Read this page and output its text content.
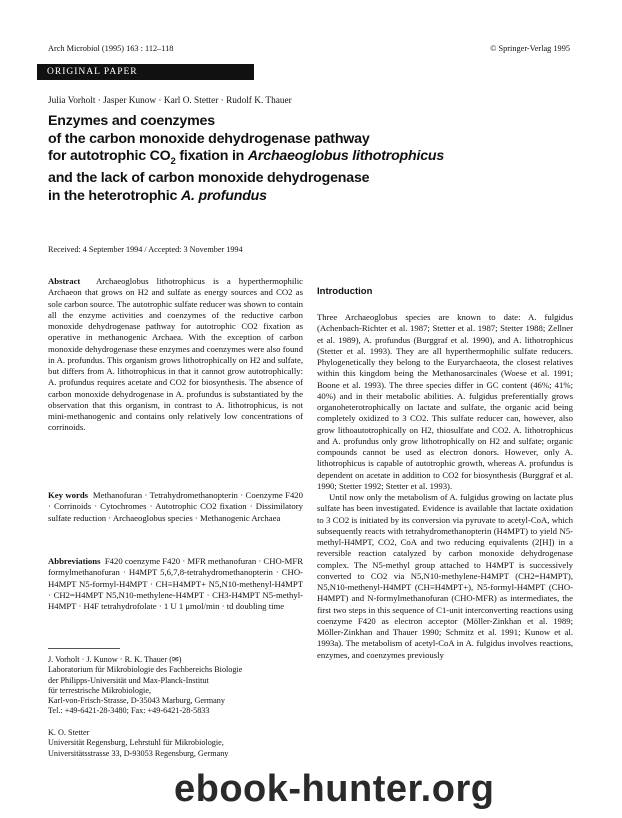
Arch Microbiol (1995) 163 : 112–118	© Springer-Verlag 1995
ORIGINAL PAPER
Julia Vorholt · Jasper Kunow · Karl O. Stetter · Rudolf K. Thauer
Enzymes and coenzymes
of the carbon monoxide dehydrogenase pathway
for autotrophic $CO_2$ fixation in Archaeoglobus lithotrophicus
and the lack of carbon monoxide dehydrogenase
in the heterotrophic A. profundus
Received: 4 September 1994 / Accepted: 3 November 1994
Abstract Archaeoglobus lithotrophicus is a hyperthermophilic Archaeon that grows on H2 and sulfate as energy sources and CO2 as sole carbon source. The autotrophic sulfate reducer was shown to contain all the enzyme activities and coenzymes of the reductive carbon monoxide dehydrogenase pathway for autotrophic CO2 fixation as operative in methanogenic Archaea. With the exception of carbon monoxide dehydrogenase these enzymes and coenzymes were also found in A. profundus. This organism grows lithotrophically on H2 and sulfate, but differs from A. lithotrophicus in that it cannot grow autotrophically: A. profundus requires acetate and CO2 for biosynthesis. The absence of carbon monoxide dehydrogenase in A. profundus is substantiated by the observation that this organism, in contrast to A. lithotrophicus, is not mini-methanogenic and contains only relatively low concentrations of corrinoids.
Key words Methanofuran · Tetrahydromethanopterin · Coenzyme F420 · Corrinoids · Cytochromes · Autotrophic CO2 fixation · Dissimilatory sulfate reduction · Archaeoglobus species · Methanogenic Archaea
Abbreviations F420 coenzyme F420 · MFR methanofuran · CHO-MFR formylmethanofuran · H4MPT 5,6,7,8-tetrahydromethanopterin · CHO-H4MPT N5-formyl-H4MPT · CH≡H4MPT+ N5,N10-methenyl-H4MPT · CH2=H4MPT N5,N10-methylene-H4MPT · CH3-H4MPT N5-methyl-H4MPT · H4F tetrahydrofolate · 1 U 1 μmol/min · td doubling time
J. Vorholt · J. Kunow · R. K. Thauer (✉)
Laboratorium für Mikrobiologie des Fachbereichs Biologie
der Philipps-Universität und Max-Planck-Institut
für terrestrische Mikrobiologie,
Karl-von-Frisch-Strasse, D-35043 Marburg, Germany
Tel.: +49-6421-28-3480; Fax: +49-6421-28-5833
K. O. Stetter
Universität Regensburg, Lehrstuhl für Mikrobiologie,
Universitätsstrasse 33, D-93053 Regensburg, Germany
Introduction

Three Archaeoglobus species are known to date: A. fulgidus (Achenbach-Richter et al. 1987; Stetter et al. 1987; Stetter 1988; Zellner et al. 1989), A. profundus (Burggraf et al. 1990), and A. lithotrophicus (Stetter et al. 1993). They are all hyperthermophilic sulfate reducers. Phylogenetically they belong to the Euryarchaeota, the closest relatives within this kingdom being the Methanosarcinales (Woese et al. 1991; Boone et al. 1993). The three species differ in GC content (46%; 41%; 40%) and in their metabolic abilities. A. fulgidus preferentially grows organoheterotrophically on lactate and sulfate, the organic acid being completely oxidized to 3 CO2. This sulfate reducer can, however, also grow lithoautotrophically on H2, thiosulfate and CO2. A. lithotrophicus and A. profundus only grow lithotrophically on H2 and sulfate; organic compounds cannot be used as electron donors. However, only A. lithotrophicus is capable of autotrophic growth, whereas A. profundus is dependent on acetate in addition to CO2 for biosynthesis (Burggraf et al. 1990; Stetter 1992; Stetter et al. 1993).

Until now only the metabolism of A. fulgidus growing on lactate plus sulfate has been investigated. Evidence is available that lactate oxidation to 3 CO2 is initiated by its conversion via pyruvate to acetyl-CoA, which subsequently reacts with tetrahydromethanopterin (H4MPT) to yield N5-methyl-H4MPT, CO2, CoA and two reducing equivalents (2[H]) in a reversible reaction catalyzed by carbon monoxide dehydrogenase complex. The N5-methyl group attached to H4MPT is successively converted to CO2 via N5,N10-methylene-H4MPT (CH2=H4MPT), N5,N10-methenyl-H4MPT (CH≡H4MPT+), N5-formyl-H4MPT (CHO-H4MPT) and N-formylmethanofuran (CHO-MFR) as intermediates, the first two steps in this sequence of C1-unit interconverting reactions using coenzyme F420 as electron acceptor (Möller-Zinkhan et al. 1989; Möller-Zinkhan and Thauer 1990; Schmitz et al. 1991; Kunow et al. 1993a). The metabolism of acetyl-CoA in A. fulgidus involves reactions, enzymes, and coenzymes previously

ebook-hunter.org
